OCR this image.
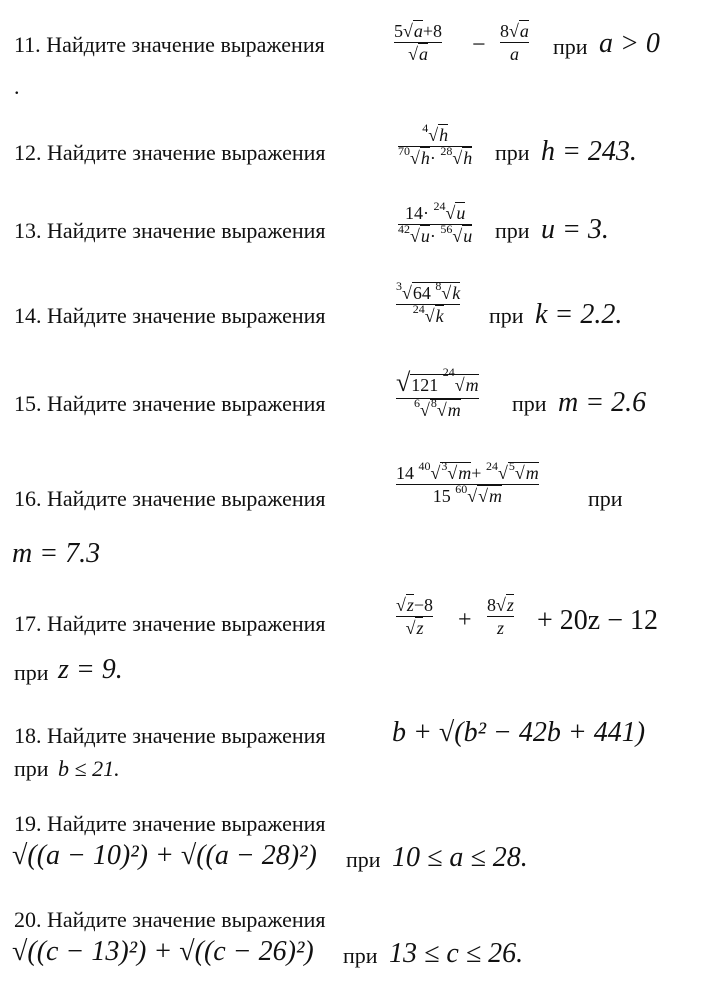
11. Найдите значение выражения
5√a+8
√a	−
8√a
a	при a > 0
.
12. Найдите значение выражения
$^4$√h
$^{70}$√h· $^{28}$√h при h = 243.
13. Найдите значение выражения
14· $^{24}$√u
$^{42}$√u· $^{56}$√u при u = 3.
14. Найдите значение выражения
$^3$√64 $^8$√k
$^{24}$√k	при k = 2.2.
15. Найдите значение выражения
√121 $^{24}$√m
$^6$√$^8$√m	при m = 2.6
16. Найдите значение выражения
14 $^{40}$√$^3$√m+ $^{24}$√$^5$√m
15 $^{60}$√√m	при
m = 7.3
17. Найдите значение выражения
√z−8
√z	+
8√z
z	+ 20z − 12
при z = 9.
18. Найдите значение выражения b + √(b² − 42b + 441)
при b ≤ 21.
19. Найдите значение выражения
√((a − 10)²) + √((a − 28)²) при 10 ≤ a ≤ 28.
20. Найдите значение выражения
√((c − 13)²) + √((c − 26)²) при 13 ≤ c ≤ 26.
